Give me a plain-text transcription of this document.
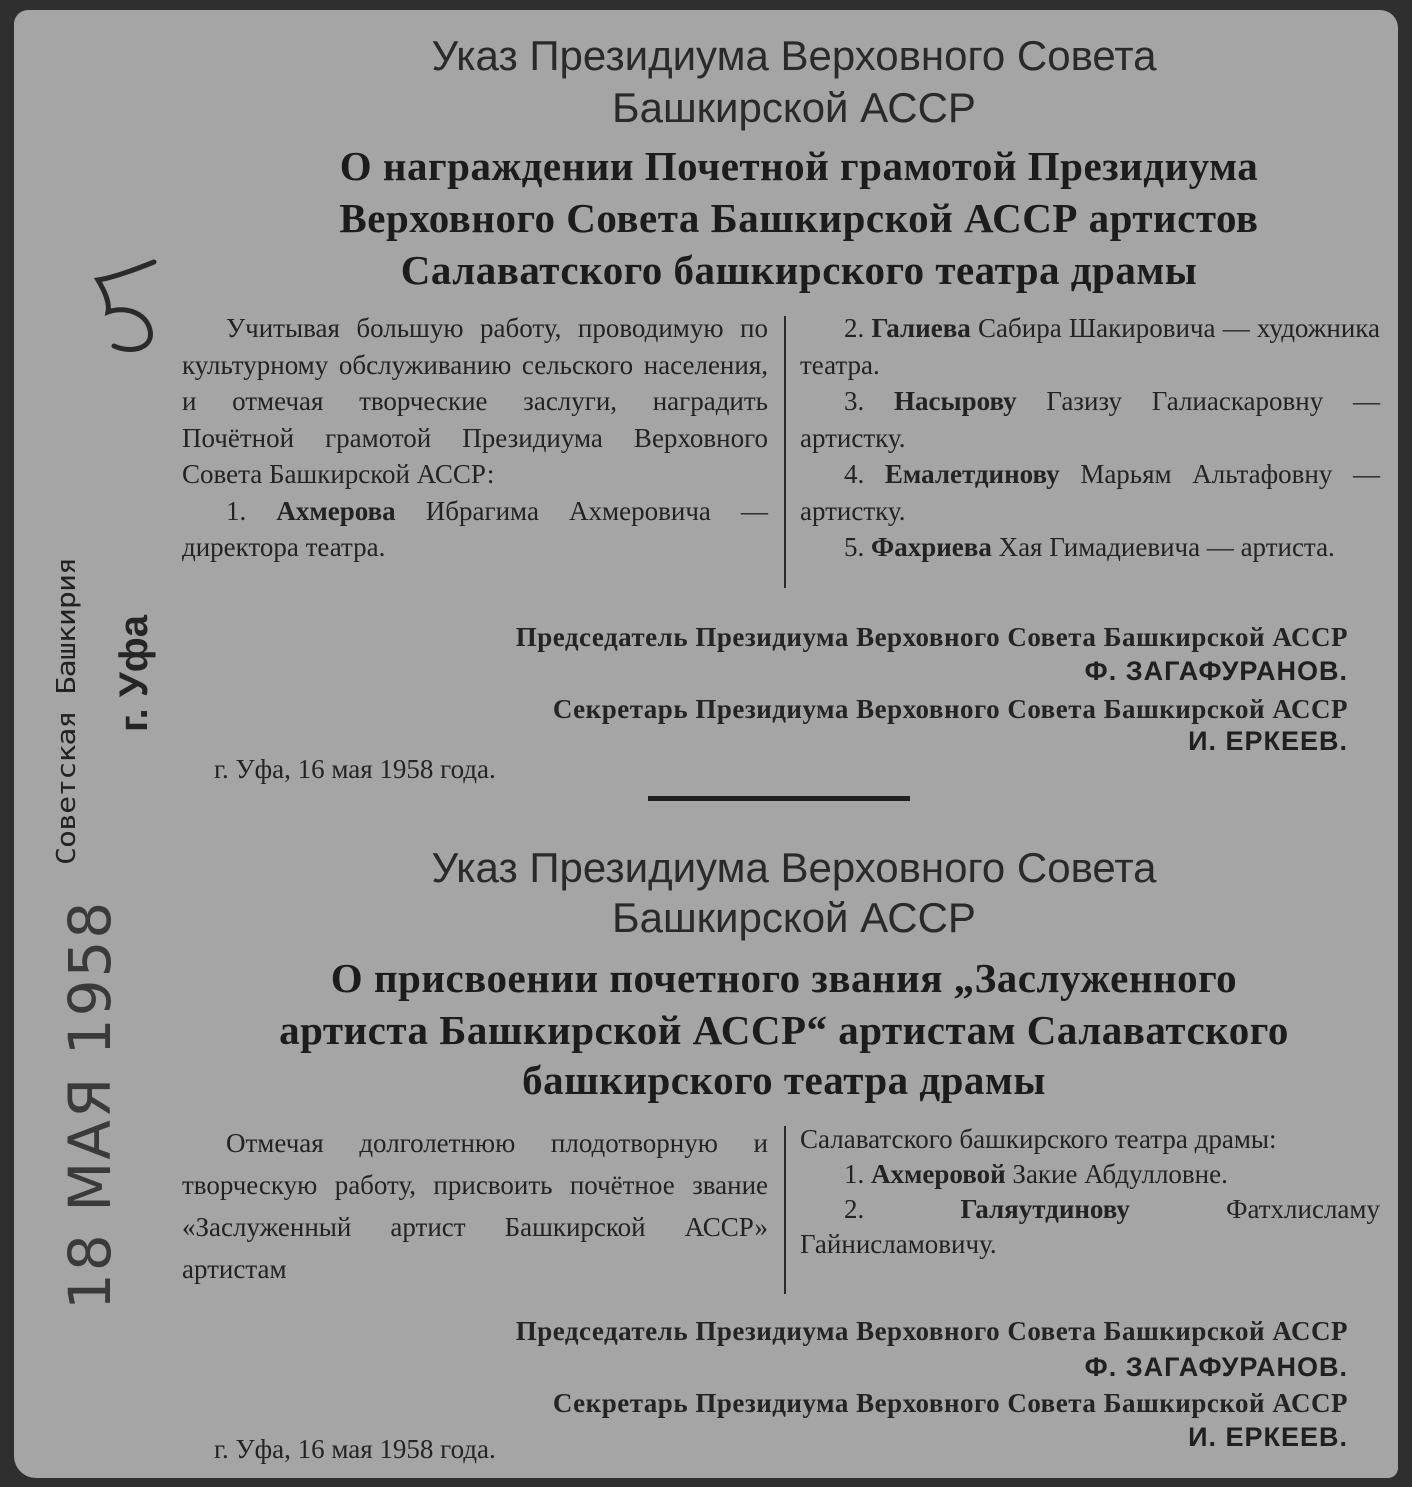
Советская Башкирия г. Уфа
18 МАЯ 1958
Указ Президиума Верховного Совета
Башкирской АССР
О награждении Почетной грамотой Президиума
Верховного Совета Башкирской АССР артистов
Салаватского башкирского театра драмы

Учитывая большую работу, проводимую по культурному обслуживанию сельского населения, и отмечая творческие заслуги, наградить Почётной грамотой Президиума Верховного Совета Башкирской АССР:

1. Ахмерова Ибрагима Ахмеровича — директора театра.

2. Галиева Сабира Шакировича — художника театра.

3. Насырову Газизу Галиаскаровну — артистку.

4. Емалетдинову Марьям Альтафовну — артистку.

5. Фахриева Хая Гимадиевича — артиста.

Председатель Президиума Верховного Совета Башкирской АССР
Ф. ЗАГАФУРАНОВ.
Секретарь Президиума Верховного Совета Башкирской АССР
И. ЕРКЕЕВ.
г. Уфа, 16 мая 1958 года.
Указ Президиума Верховного Совета
Башкирской АССР
О присвоении почетного звания „Заслуженного
артиста Башкирской АССР“ артистам Салаватского
башкирского театра драмы

Отмечая долголетнюю плодотворную и творческую работу, присвоить почётное звание «Заслуженный артист Башкирской АССР» артистам

Салаватского башкирского театра драмы:

1. Ахмеровой Закие Абдулловне.

2.	Галяутдинову Фатхлисламу Гайнисламовичу.

Председатель Президиума Верховного Совета Башкирской АССР
Ф. ЗАГАФУРАНОВ.
Секретарь Президиума Верховного Совета Башкирской АССР
И. ЕРКЕЕВ.
г. Уфа, 16 мая 1958 года.
